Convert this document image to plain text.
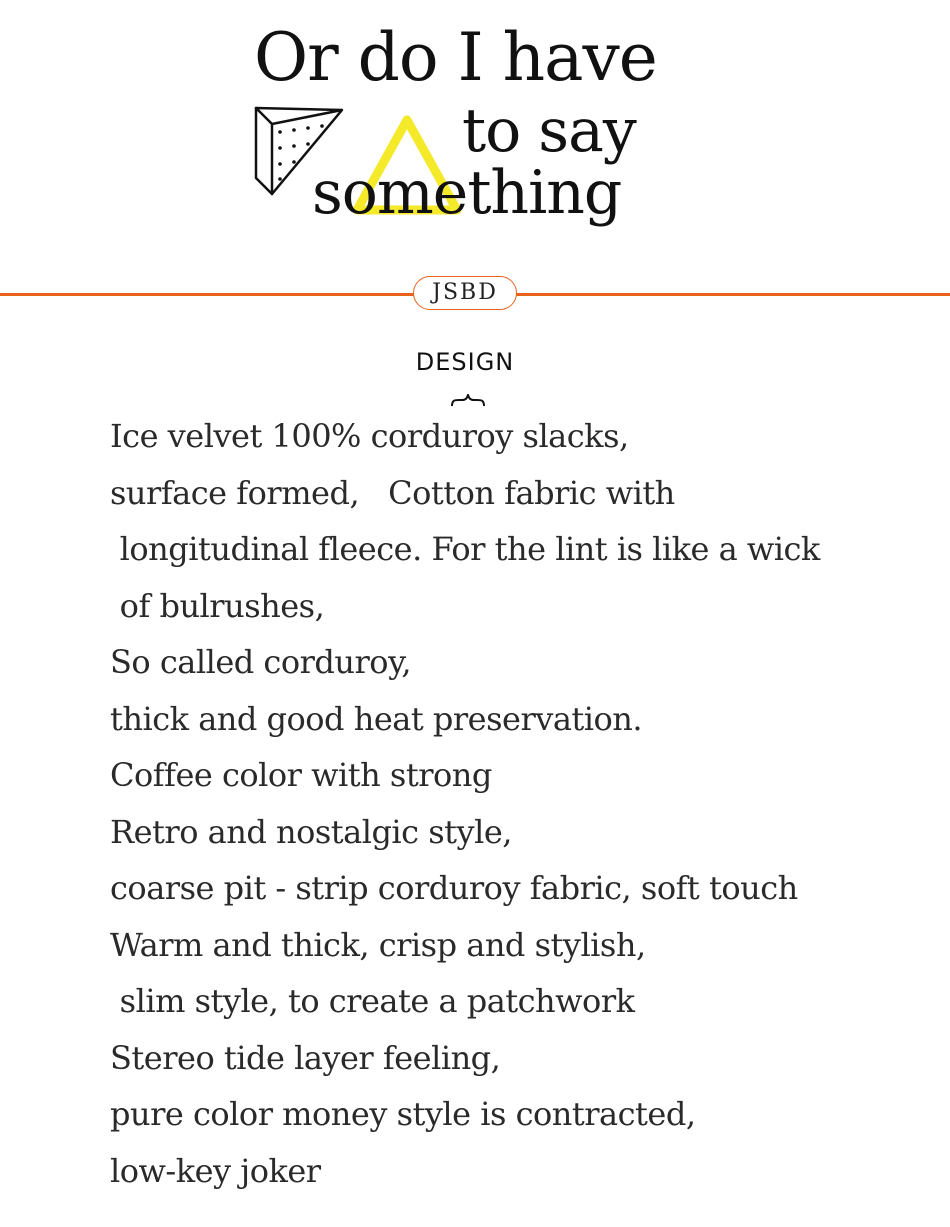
Or do I have
to say
something
JSBD
DESIGN
Ice velvet 100% corduroy slacks,
surface formed,   Cotton fabric with
longitudinal fleece. For the lint is like a wick
of bulrushes,
So called corduroy,
thick and good heat preservation.
Coffee color with strong
Retro and nostalgic style,
coarse pit - strip corduroy fabric, soft touch
Warm and thick, crisp and stylish,
slim style, to create a patchwork
Stereo tide layer feeling,
pure color money style is contracted,
low-key joker
